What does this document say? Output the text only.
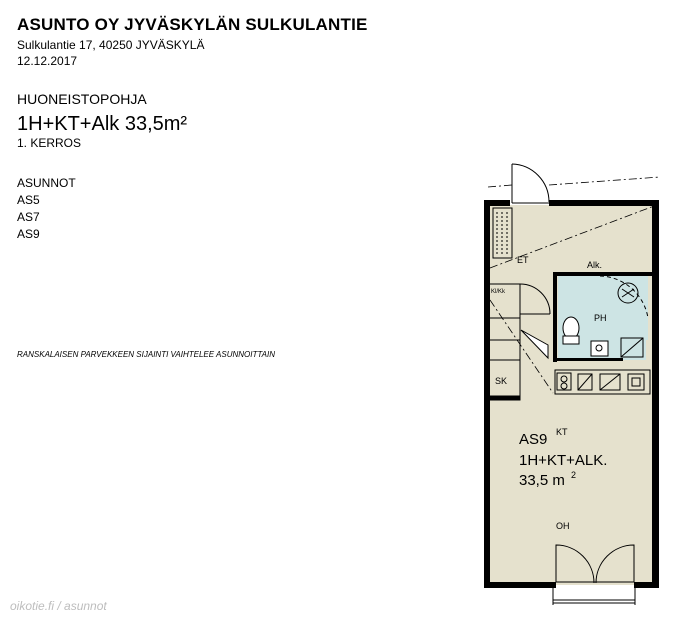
ASUNTO OY JYVÄSKYLÄN SULKULANTIE
Sulkulantie 17, 40250 JYVÄSKYLÄ
12.12.2017
HUONEISTOPOHJA
1H+KT+Alk 33,5m²
1. KERROS
ASUNNOT
AS5
AS7
AS9
RANSKALAISEN PARVEKKEEN SIJAINTI VAIHTELEE ASUNNOITTAIN
ET	Alk.
PH
SK
OH
Kl/Kk
AS9 KT
1H+KT+ALK.
33,5 m 2
oikotie.fi / asunnot
